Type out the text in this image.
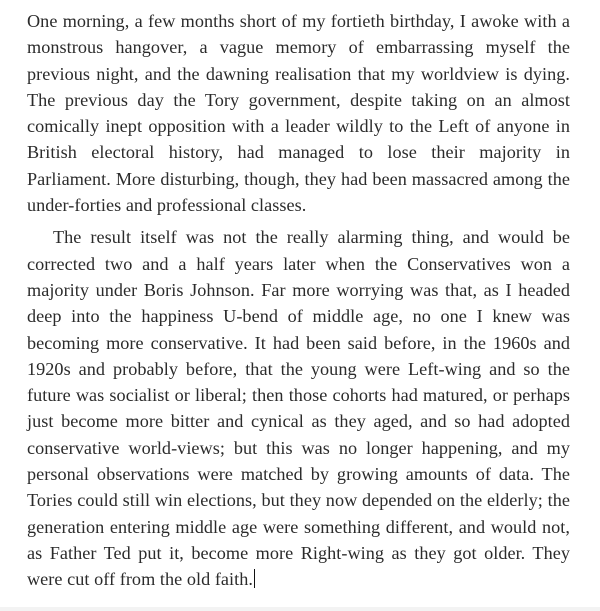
One morning, a few months short of my fortieth birthday, I awoke with a monstrous hangover, a vague memory of embarrassing myself the previous night, and the dawning realisation that my worldview is dying. The previous day the Tory government, despite taking on an almost comically inept opposition with a leader wildly to the Left of anyone in British electoral history, had managed to lose their majority in Parliament. More disturbing, though, they had been massacred among the under-forties and professional classes.

The result itself was not the really alarming thing, and would be corrected two and a half years later when the Conservatives won a majority under Boris Johnson. Far more worrying was that, as I headed deep into the happiness U-bend of middle age, no one I knew was becoming more conservative. It had been said before, in the 1960s and 1920s and probably before, that the young were Left-wing and so the future was socialist or liberal; then those cohorts had matured, or perhaps just become more bitter and cynical as they aged, and so had adopted conservative world-views; but this was no longer happening, and my personal observations were matched by growing amounts of data. The Tories could still win elections, but they now depended on the elderly; the generation entering middle age were something different, and would not, as Father Ted put it, become more Right-wing as they got older. They were cut off from the old faith.
